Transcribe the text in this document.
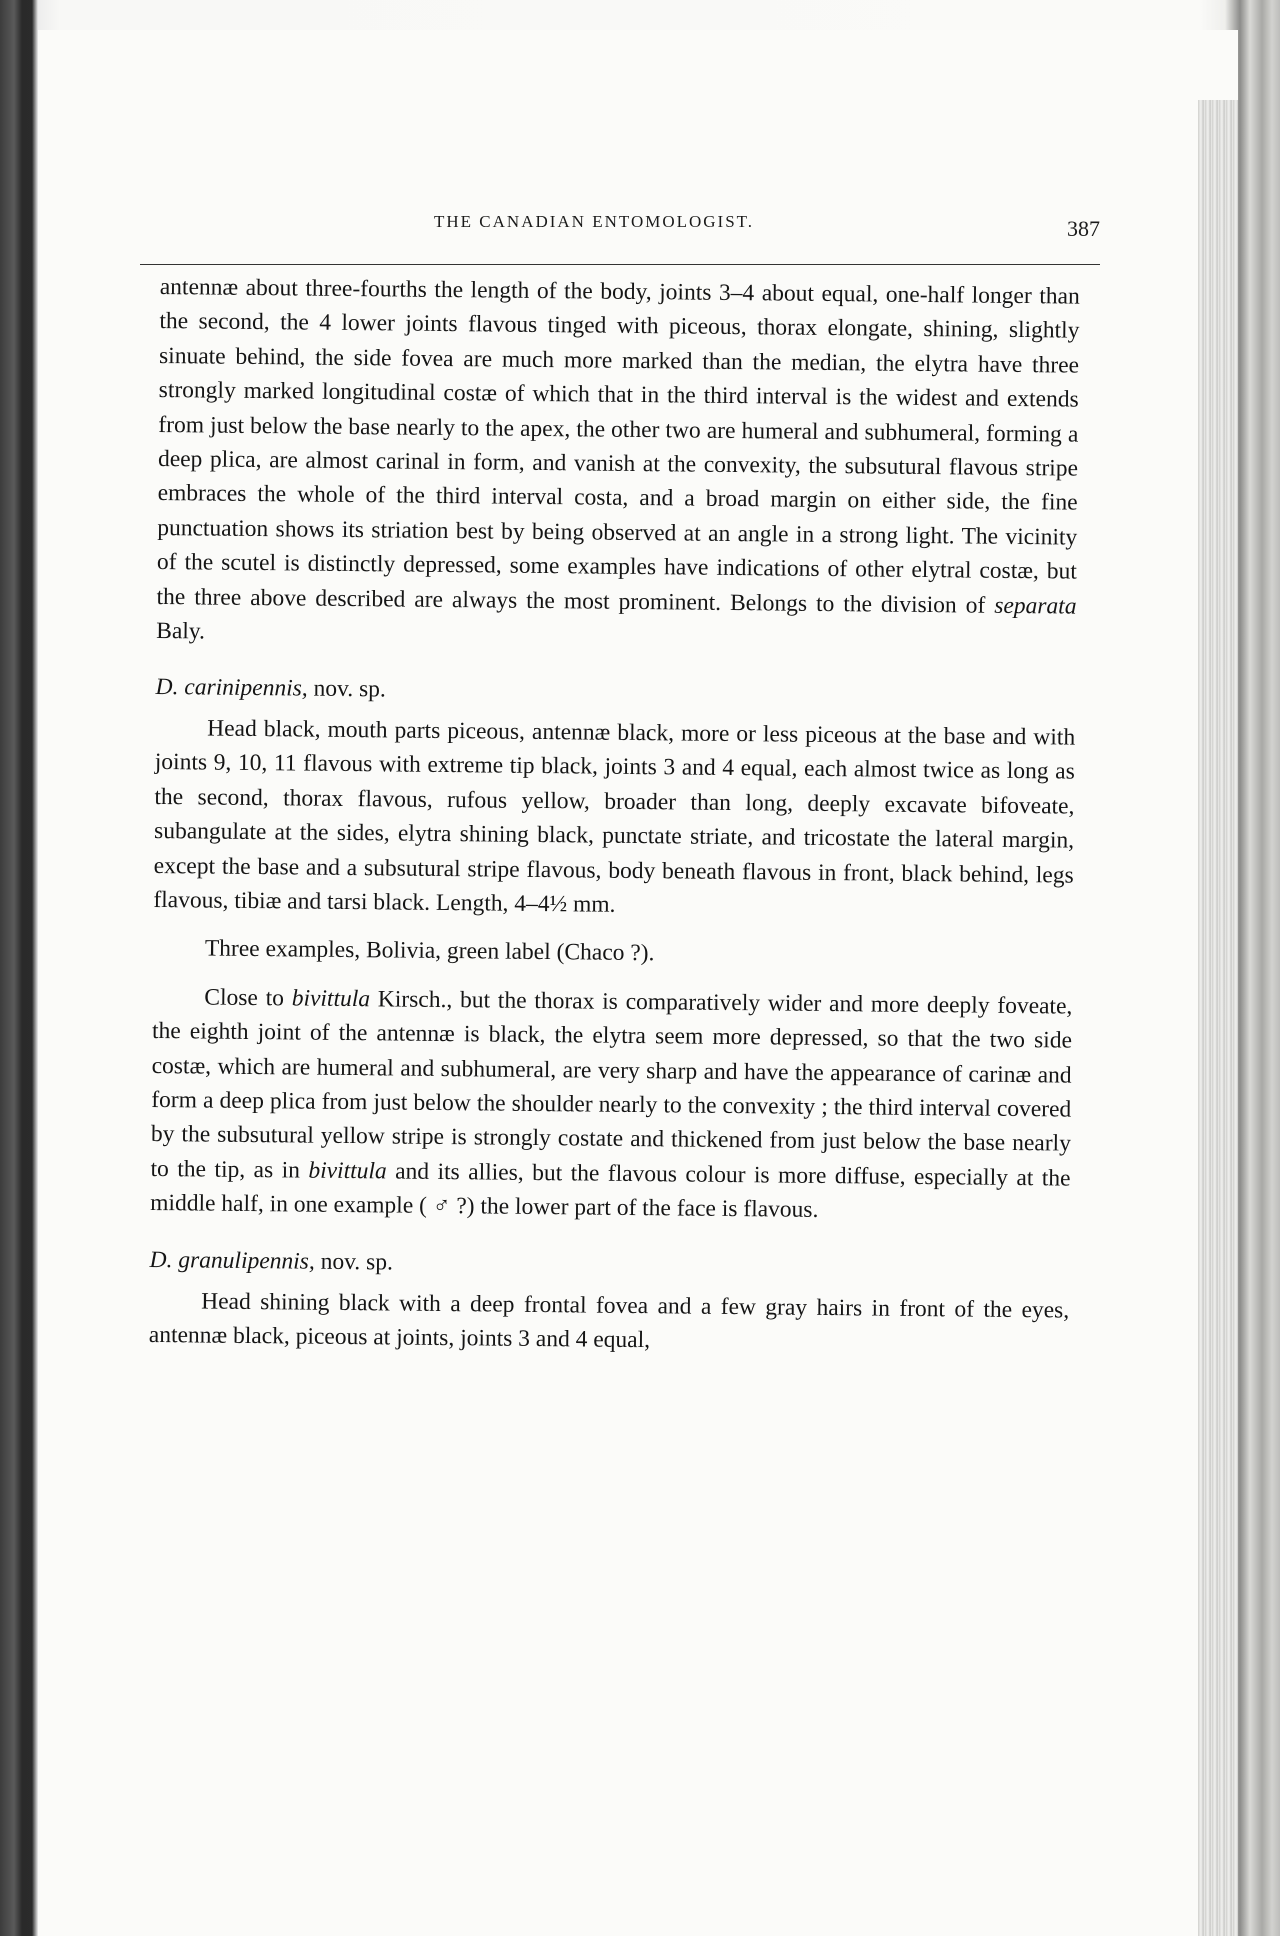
THE CANADIAN ENTOMOLOGIST.	387

antennæ about three-fourths the length of the body, joints 3–4 about equal, one-half longer than the second, the 4 lower joints flavous tinged with piceous, thorax elongate, shining, slightly sinuate behind, the side fovea are much more marked than the median, the elytra have three strongly marked longitudinal costæ of which that in the third interval is the widest and extends from just below the base nearly to the apex, the other two are humeral and subhumeral, forming a deep plica, are almost carinal in form, and vanish at the convexity, the subsutural flavous stripe embraces the whole of the third interval costa, and a broad margin on either side, the fine punctuation shows its striation best by being observed at an angle in a strong light. The vicinity of the scutel is distinctly depressed, some examples have indications of other elytral costæ, but the three above described are always the most prominent. Belongs to the division of separata Baly.

D. carinipennis, nov. sp.

Head black, mouth parts piceous, antennæ black, more or less piceous at the base and with joints 9, 10, 11 flavous with extreme tip black, joints 3 and 4 equal, each almost twice as long as the second, thorax flavous, rufous yellow, broader than long, deeply excavate bifoveate, subangulate at the sides, elytra shining black, punctate striate, and tricostate the lateral margin, except the base and a subsutural stripe flavous, body beneath flavous in front, black behind, legs flavous, tibiæ and tarsi black. Length, 4–4½ mm.

Three examples, Bolivia, green label (Chaco ?).

Close to bivittula Kirsch., but the thorax is comparatively wider and more deeply foveate, the eighth joint of the antennæ is black, the elytra seem more depressed, so that the two side costæ, which are humeral and subhumeral, are very sharp and have the appearance of carinæ and form a deep plica from just below the shoulder nearly to the convexity ; the third interval covered by the subsutural yellow stripe is strongly costate and thickened from just below the base nearly to the tip, as in bivittula and its allies, but the flavous colour is more diffuse, especially at the middle half, in one example ( ♂ ?) the lower part of the face is flavous.

D. granulipennis, nov. sp.

Head shining black with a deep frontal fovea and a few gray hairs in front of the eyes, antennæ black, piceous at joints, joints 3 and 4 equal,
